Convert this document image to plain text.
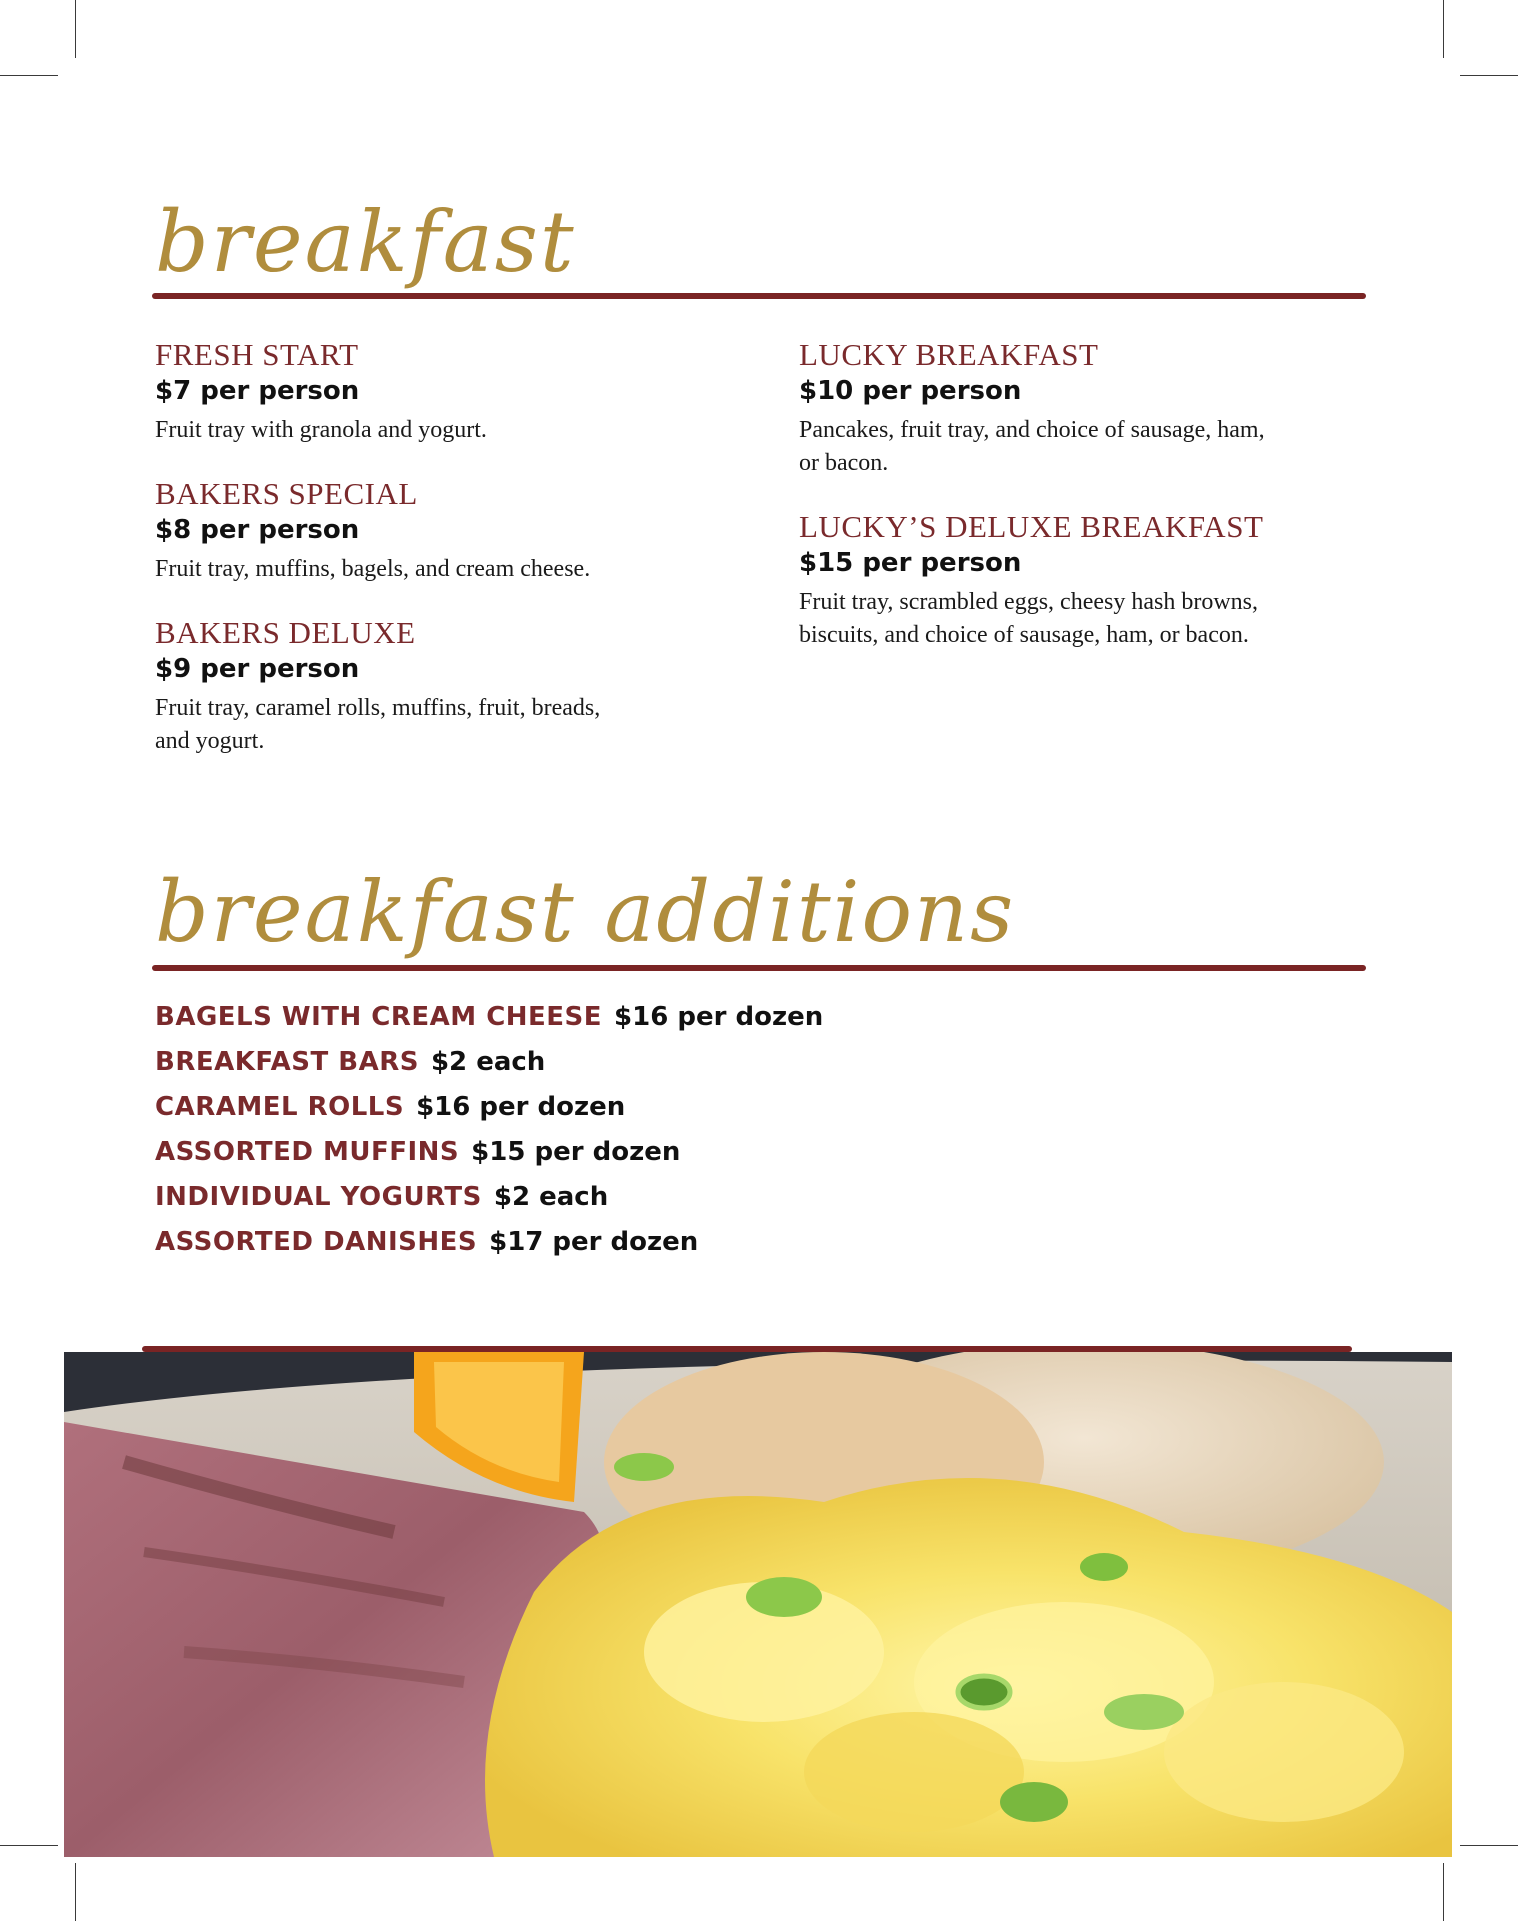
breakfast
FRESH START
$7 per person
Fruit tray with granola and yogurt.
BAKERS SPECIAL
$8 per person
Fruit tray, muffins, bagels, and cream cheese.
BAKERS DELUXE
$9 per person
Fruit tray, caramel rolls, muffins, fruit, breads, and yogurt.
LUCKY BREAKFAST
$10 per person
Pancakes, fruit tray, and choice of sausage, ham, or bacon.
LUCKY’S DELUXE BREAKFAST
$15 per person
Fruit tray, scrambled eggs, cheesy hash browns, biscuits, and choice of sausage, ham, or bacon.
breakfast additions
BAGELS WITH CREAM CHEESE $16 per dozen
BREAKFAST BARS $2 each
CARAMEL ROLLS $16 per dozen
ASSORTED MUFFINS $15 per dozen
INDIVIDUAL YOGURTS $2 each
ASSORTED DANISHES $17 per dozen
